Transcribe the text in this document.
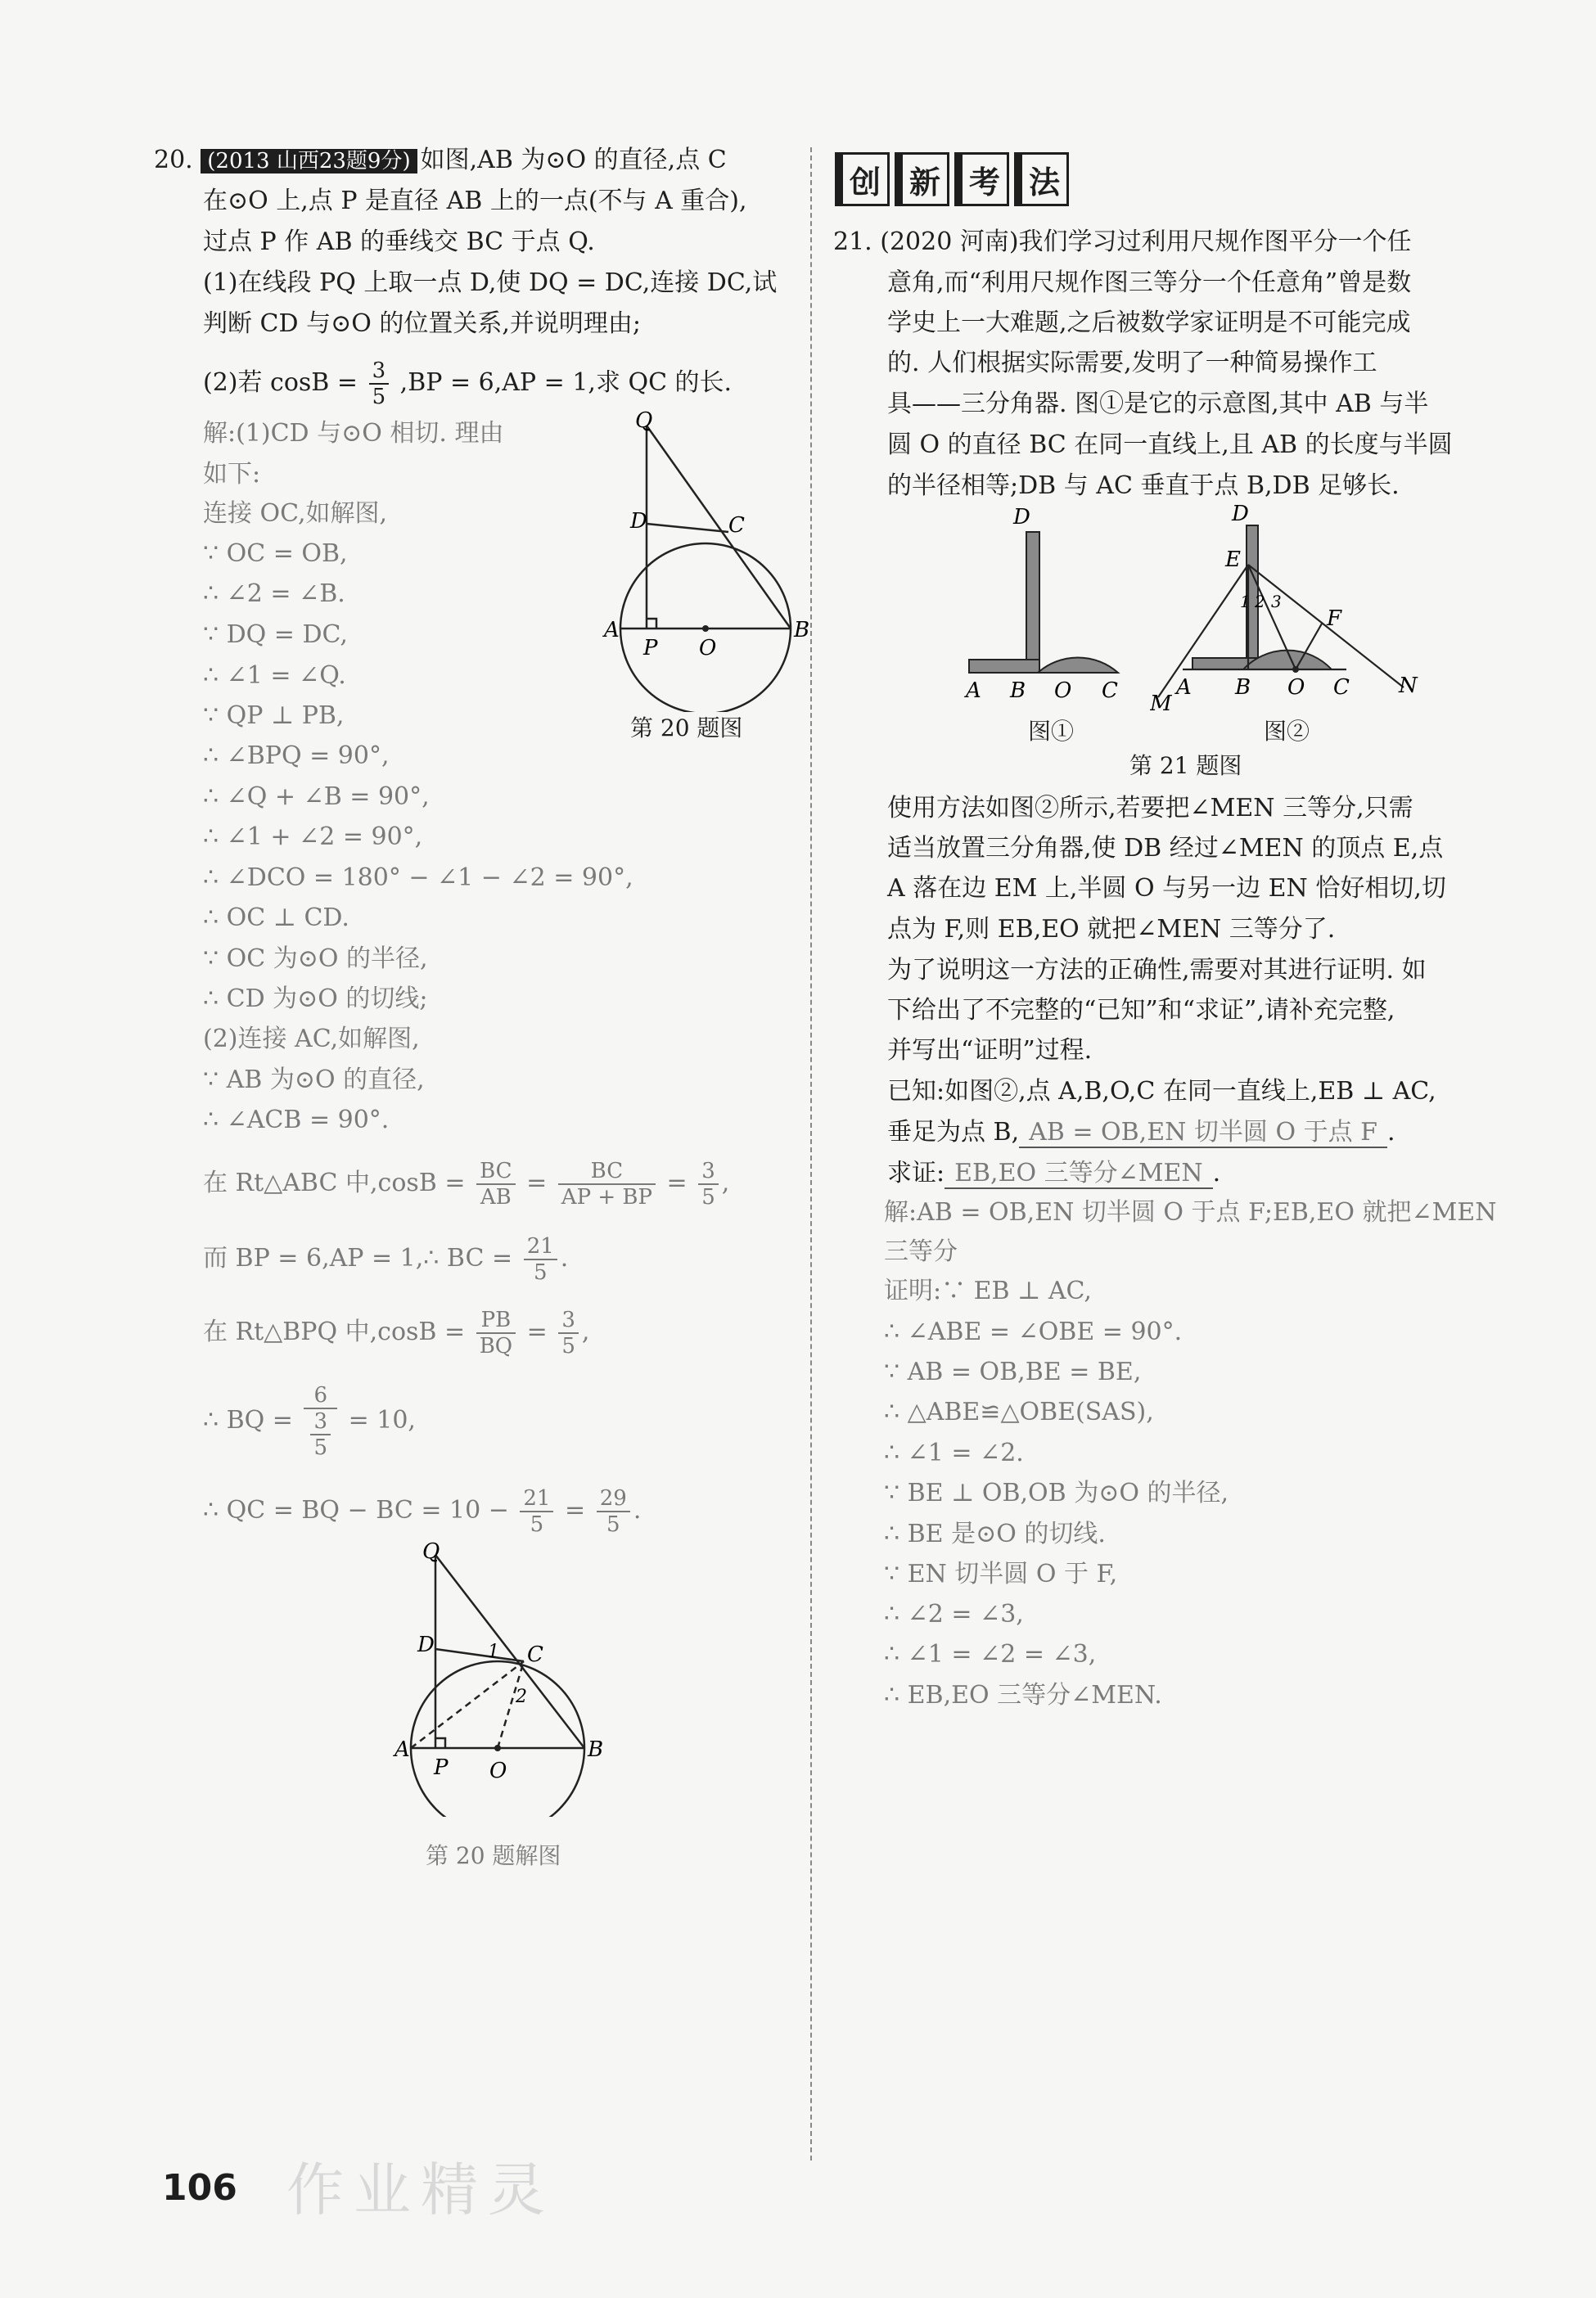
20. (2013 山西23题9分) 如图,AB 为⊙O 的直径,点 C
在⊙O 上,点 P 是直径 AB 上的一点(不与 A 重合),
过点 P 作 AB 的垂线交 BC 于点 Q.
(1)在线段 PQ 上取一点 D,使 DQ = DC,连接 DC,试
判断 CD 与⊙O 的位置关系,并说明理由;
(2)若 $\cos B = \frac{3}{5} ,BP = 6,AP = 1$,求 QC 的长.
解:(1)CD 与⊙O 相切. 理由
如下:
连接 OC,如解图,
∵ OC = OB,
∴ ∠2 = ∠B.
∵ DQ = DC,
∴ ∠1 = ∠Q.
∵ QP ⊥ PB,
∴ ∠BPQ = 90°,
∴ ∠Q + ∠B = 90°,
∴ ∠1 + ∠2 = 90°,
∴ ∠DCO = 180° − ∠1 − ∠2 = 90°,
∴ OC ⊥ CD.
∵ OC 为⊙O 的半径,
∴ CD 为⊙O 的切线;
(2)连接 AC,如解图,
∵ AB 为⊙O 的直径,
∴ ∠ACB = 90°.
在 Rt△ABC 中$,\cos B = \frac{BC}{AB} = \frac{BC}{AP + BP} = \frac{3}{5}$ ,
而 BP = 6,AP = 1,∴ BC = $\frac{21}{5}$ .
在 Rt△BPQ 中$,\cos B = \frac{PB}{BQ} = \frac{3}{5}$ ,
∴ BQ = 6
3
5 = 10,
∴ QC = BQ − BC = $10 - \frac{21}{5} = \frac{29}{5}$ .
Q
D	C
A
P O
B
第 20 题图
Q
D	C
1
2
A
P O
B
第 20 题解图
创 新 考 法
21. (2020 河南)我们学习过利用尺规作图平分一个任
意角,而“利用尺规作图三等分一个任意角”曾是数
学史上一大难题,之后被数学家证明是不可能完成
的. 人们根据实际需要,发明了一种简易操作工
具——三分角器. 图①是它的示意图,其中 AB 与半
圆 O 的直径 BC 在同一直线上,且 AB 的长度与半圆
的半径相等;DB 与 AC 垂直于点 B,DB 足够长.
D
A B O C
图①
D
E
1 2 3
F
M
A B O C N
图②
第 21 题图
使用方法如图②所示,若要把∠MEN 三等分,只需
适当放置三分角器,使 DB 经过∠MEN 的顶点 E,点
A 落在边 EM 上,半圆 O 与另一边 EN 恰好相切,切
点为 F,则 EB,EO 就把∠MEN 三等分了.
为了说明这一方法的正确性,需要对其进行证明. 如
下给出了不完整的“已知”和“求证”,请补充完整,
并写出“证明”过程.
已知:如图②,点 A,B,O,C 在同一直线上,EB ⊥ AC,
垂足为点 B, AB = OB,EN 切半圆 O 于点 F .
求证: EB,EO 三等分∠MEN .
解:AB = OB,EN 切半圆 O 于点 F;EB,EO 就把∠MEN
三等分
证明:∵ EB ⊥ AC,
∴ ∠ABE = ∠OBE = 90°.
∵ AB = OB,BE = BE,
∴ △ABE≌△OBE(SAS),
∴ ∠1 = ∠2.
∵ BE ⊥ OB,OB 为⊙O 的半径,
∴ BE 是⊙O 的切线.
∵ EN 切半圆 O 于 F,
∴ ∠2 = ∠3,
∴ ∠1 = ∠2 = ∠3,
∴ EB,EO 三等分∠MEN.
106 作业精灵
